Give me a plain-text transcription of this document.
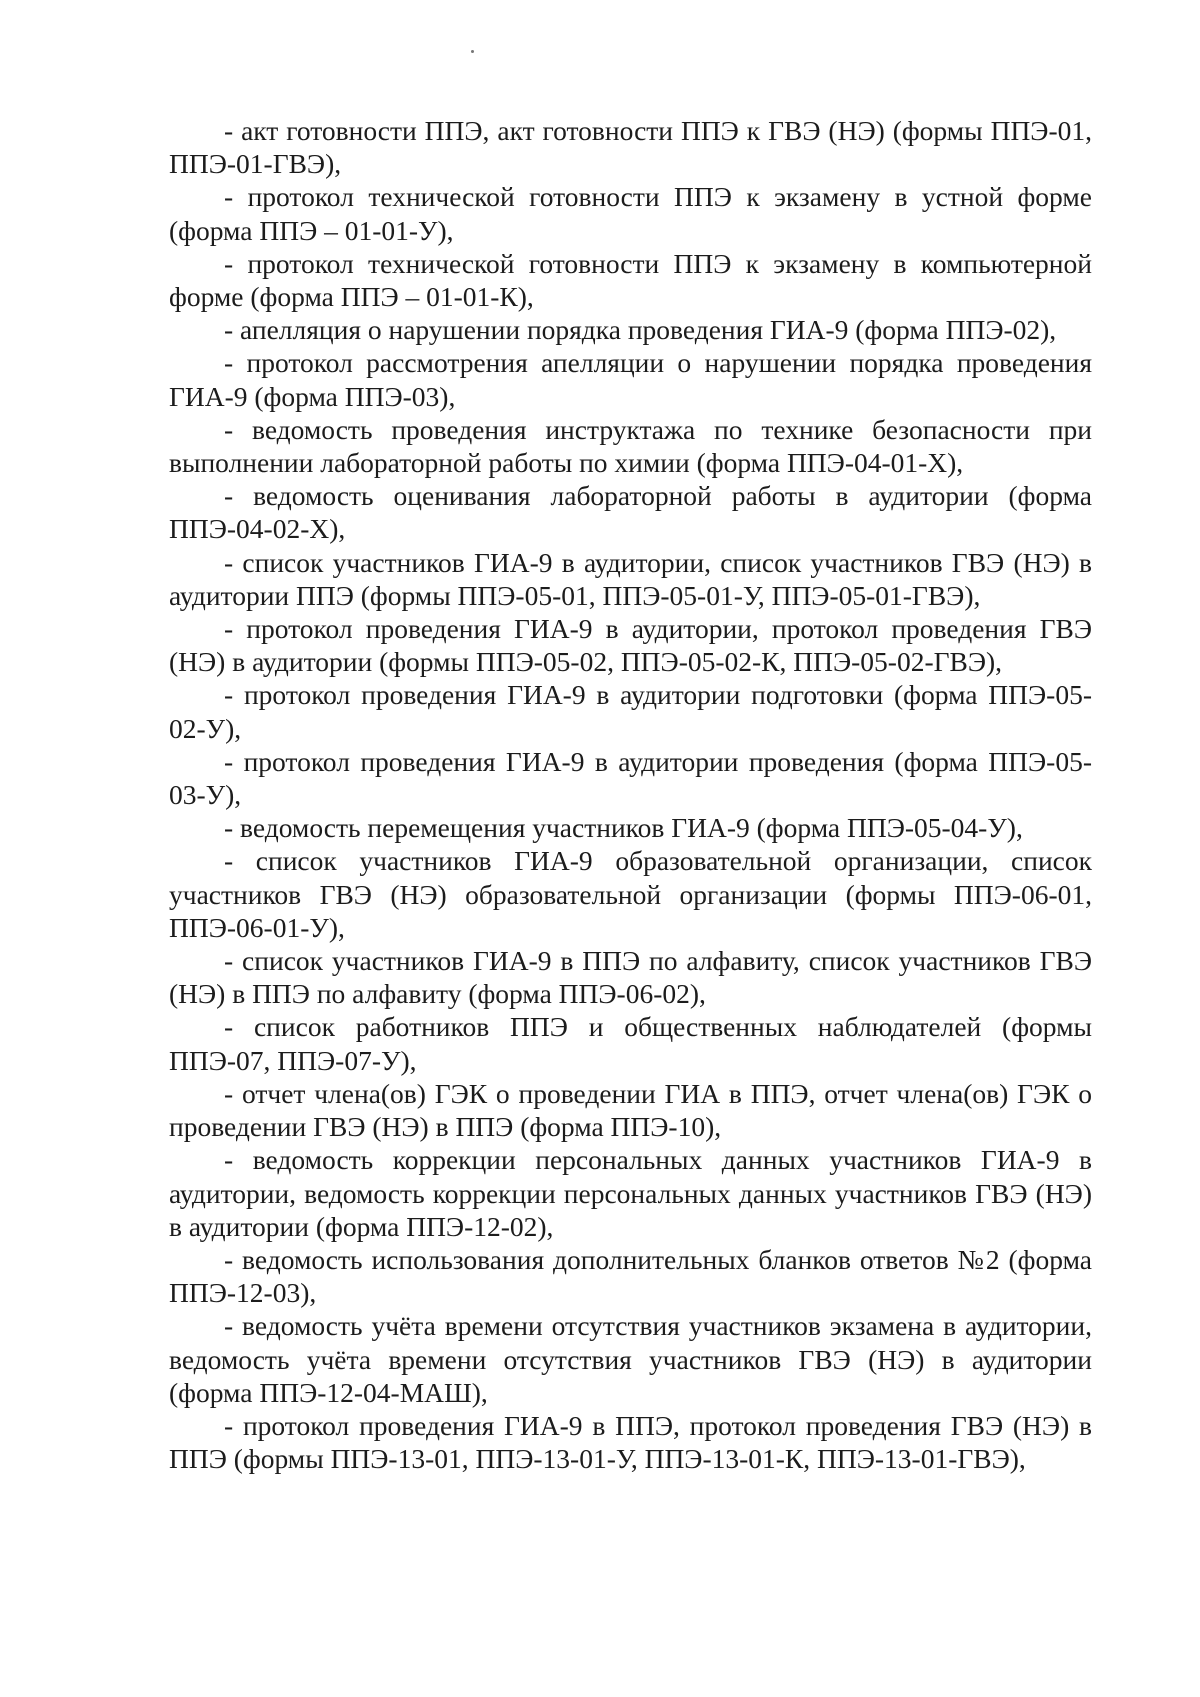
- акт готовности ППЭ, акт готовности ППЭ к ГВЭ (НЭ) (формы ППЭ-01, ППЭ-01-ГВЭ),

- протокол технической готовности ППЭ к экзамену в устной форме (форма ППЭ – 01-01-У),

- протокол технической готовности ППЭ к экзамену в компьютерной форме (форма ППЭ – 01-01-К),

- апелляция о нарушении порядка проведения ГИА-9 (форма ППЭ-02),

- протокол рассмотрения апелляции о нарушении порядка проведения ГИА-9 (форма ППЭ-03),

- ведомость проведения инструктажа по технике безопасности при выполнении лабораторной работы по химии (форма ППЭ-04-01-Х),

- ведомость оценивания лабораторной работы в аудитории (форма ППЭ-04-02-Х),

- список участников ГИА-9 в аудитории, список участников ГВЭ (НЭ) в аудитории ППЭ (формы ППЭ-05-01, ППЭ-05-01-У, ППЭ-05-01-ГВЭ),

- протокол проведения ГИА-9 в аудитории, протокол проведения ГВЭ (НЭ) в аудитории (формы ППЭ-05-02, ППЭ-05-02-К, ППЭ-05-02-ГВЭ),

- протокол проведения ГИА-9 в аудитории подготовки (форма ППЭ-05-02-У),

- протокол проведения ГИА-9 в аудитории проведения (форма ППЭ-05-03-У),

- ведомость перемещения участников ГИА-9 (форма ППЭ-05-04-У),

- список участников ГИА-9 образовательной организации, список участников ГВЭ (НЭ) образовательной организации (формы ППЭ-06-01, ППЭ-06-01-У),

- список участников ГИА-9 в ППЭ по алфавиту, список участников ГВЭ (НЭ) в ППЭ по алфавиту (форма ППЭ-06-02),

- список работников ППЭ и общественных наблюдателей (формы ППЭ-07, ППЭ-07-У),

- отчет члена(ов) ГЭК о проведении ГИА в ППЭ, отчет члена(ов) ГЭК о проведении ГВЭ (НЭ) в ППЭ (форма ППЭ-10),

- ведомость коррекции персональных данных участников ГИА-9 в аудитории, ведомость коррекции персональных данных участников ГВЭ (НЭ) в аудитории (форма ППЭ-12-02),

- ведомость использования дополнительных бланков ответов №2 (форма ППЭ-12-03),

- ведомость учёта времени отсутствия участников экзамена в аудитории, ведомость учёта времени отсутствия участников ГВЭ (НЭ) в аудитории (форма ППЭ-12-04-МАШ),

- протокол проведения ГИА-9 в ППЭ, протокол проведения ГВЭ (НЭ) в ППЭ (формы ППЭ-13-01, ППЭ-13-01-У, ППЭ-13-01-К, ППЭ-13-01-ГВЭ),
